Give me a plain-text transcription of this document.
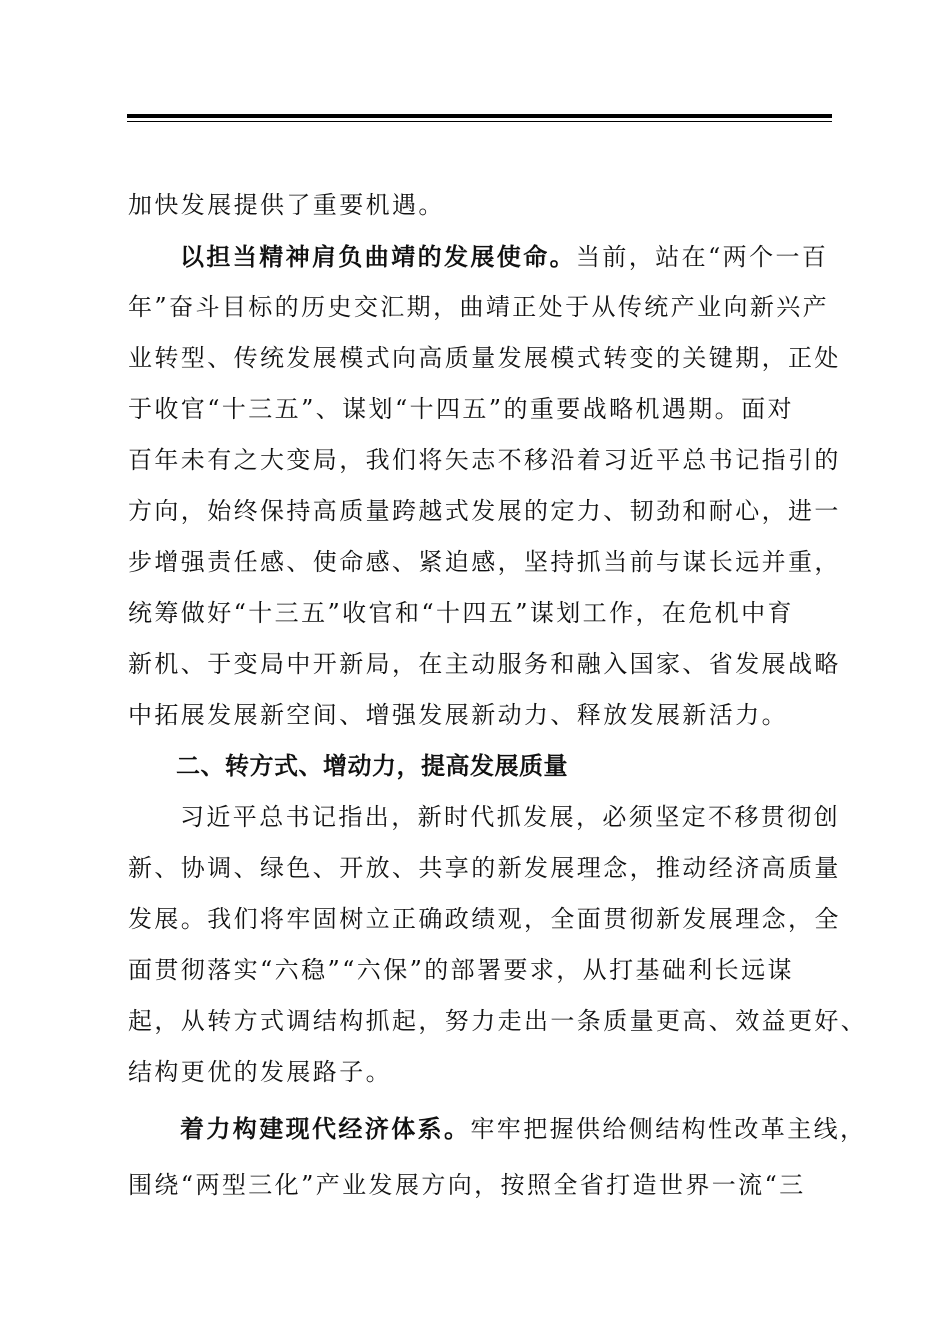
加快发展提供了重要机遇。
以担当精神肩负曲靖的发展使命。当前，站在“两个一百
年”奋斗目标的历史交汇期，曲靖正处于从传统产业向新兴产
业转型、传统发展模式向高质量发展模式转变的关键期，正处
于收官“十三五”、谋划“十四五”的重要战略机遇期。面对
百年未有之大变局，我们将矢志不移沿着习近平总书记指引的
方向，始终保持高质量跨越式发展的定力、韧劲和耐心，进一
步增强责任感、使命感、紧迫感，坚持抓当前与谋长远并重，
统筹做好“十三五”收官和“十四五”谋划工作，在危机中育
新机、于变局中开新局，在主动服务和融入国家、省发展战略
中拓展发展新空间、增强发展新动力、释放发展新活力。
二、转方式、增动力，提高发展质量
习近平总书记指出，新时代抓发展，必须坚定不移贯彻创
新、协调、绿色、开放、共享的新发展理念，推动经济高质量
发展。我们将牢固树立正确政绩观，全面贯彻新发展理念，全
面贯彻落实“六稳”“六保”的部署要求，从打基础利长远谋
起，从转方式调结构抓起，努力走出一条质量更高、效益更好、
结构更优的发展路子。
着力构建现代经济体系。牢牢把握供给侧结构性改革主线，
围绕“两型三化”产业发展方向，按照全省打造世界一流“三
